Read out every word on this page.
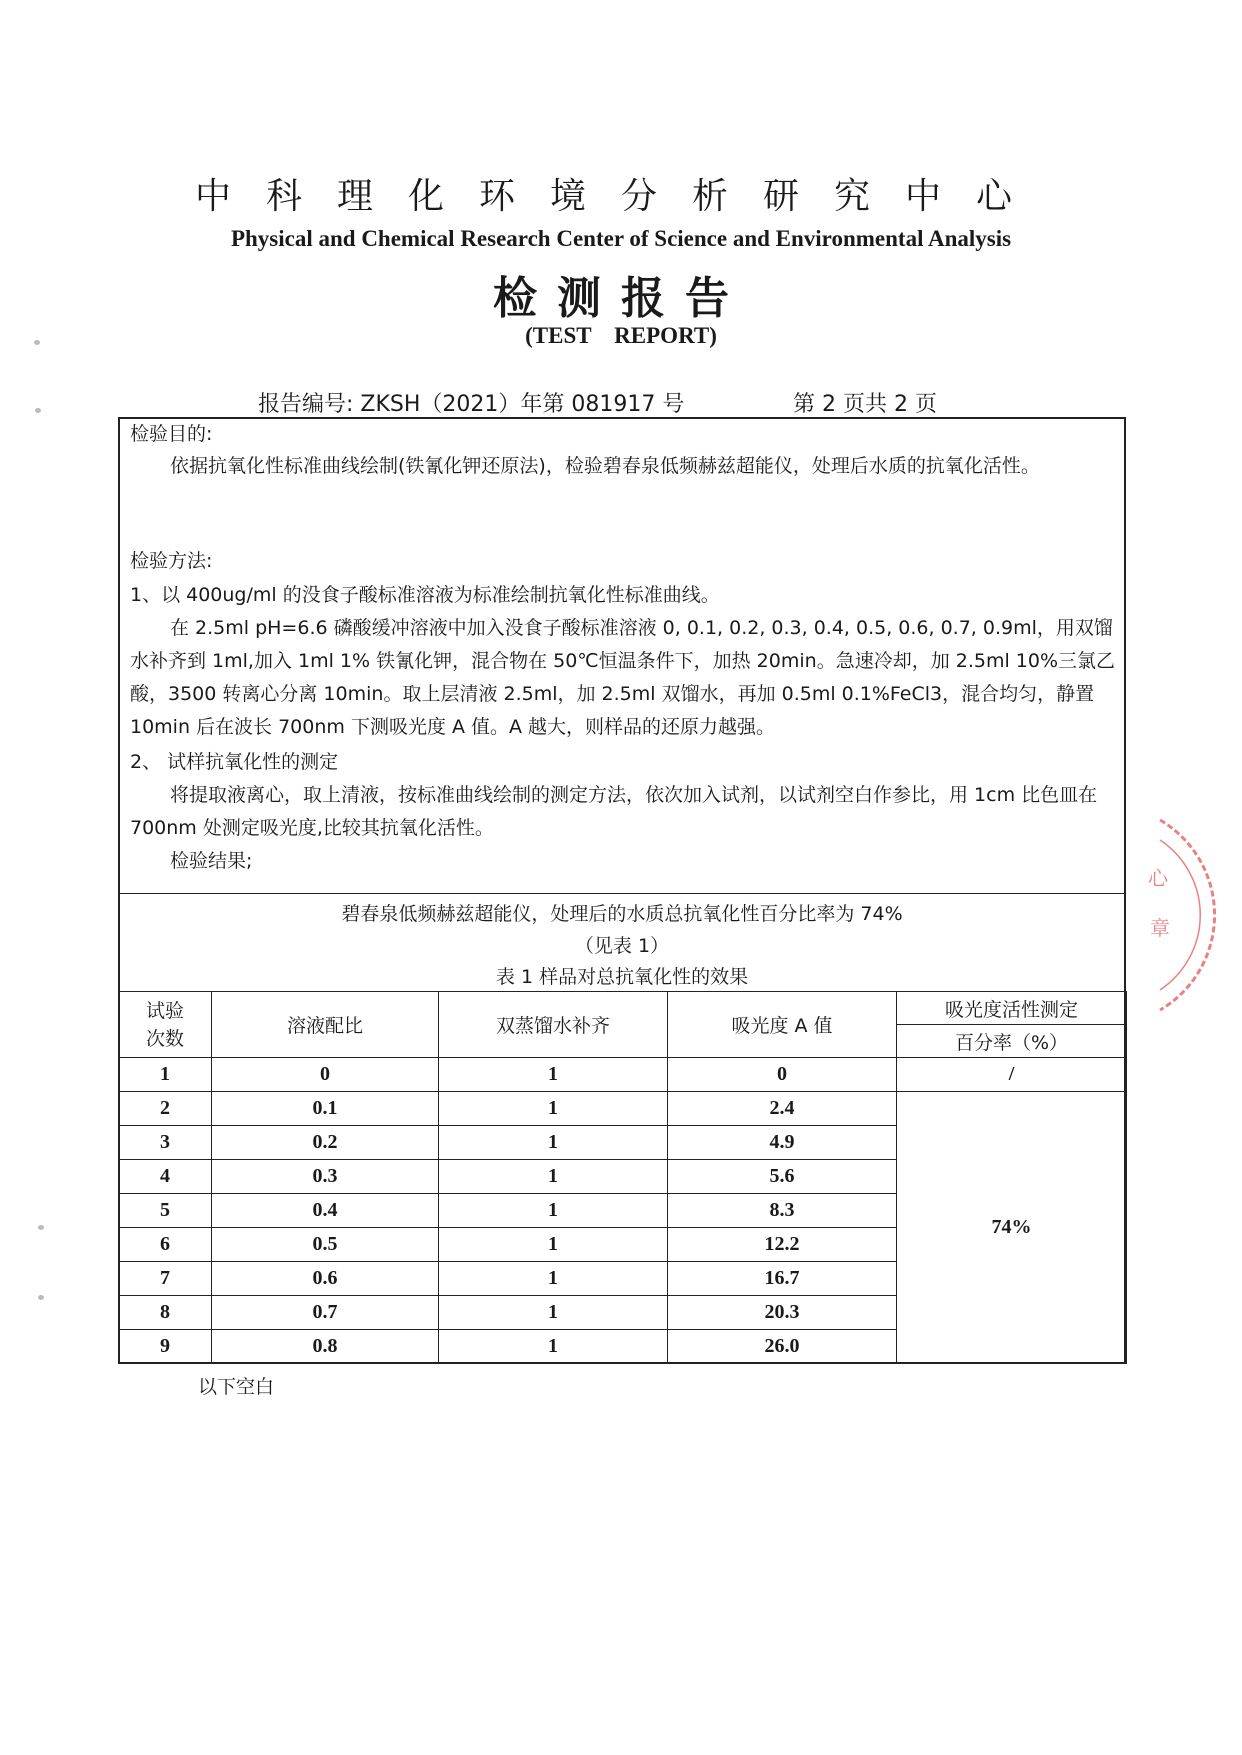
中科理化环境分析研究中心
Physical and Chemical Research Center of Science and Environmental Analysis
检测报告
(TEST    REPORT)
报告编号: ZKSH（2021）年第 081917 号	第 2 页共 2 页

检验目的:

依据抗氧化性标准曲线绘制(铁氰化钾还原法)，检验碧春泉低频赫兹超能仪，处理后水质的抗氧化活性。

检验方法:

1、以 400ug/ml 的没食子酸标准溶液为标准绘制抗氧化性标准曲线。

在 2.5ml pH=6.6 磷酸缓冲溶液中加入没食子酸标准溶液 0, 0.1, 0.2, 0.3, 0.4, 0.5, 0.6, 0.7, 0.9ml，用双馏水补齐到 1ml,加入 1ml 1% 铁氰化钾，混合物在 50℃恒温条件下，加热 20min。急速冷却，加 2.5ml 10%三氯乙酸，3500 转离心分离 10min。取上层清液 2.5ml，加 2.5ml 双馏水，再加 0.5ml 0.1%FeCl3，混合均匀，静置 10min 后在波长 700nm 下测吸光度 A 值。A 越大，则样品的还原力越强。

2、 试样抗氧化性的测定

将提取液离心，取上清液，按标准曲线绘制的测定方法，依次加入试剂，以试剂空白作参比，用 1cm 比色皿在 700nm 处测定吸光度,比较其抗氧化活性。

检验结果;

碧春泉低频赫兹超能仪，处理后的水质总抗氧化性百分比率为 74%
（见表 1）
表 1 样品对总抗氧化性的效果
试验次数	溶液配比	双蒸馏水补齐	吸光度 A 值	吸光度活性测定
				百分率（%）
1	0	1	0	/
2	0.1	1	2.4	74%
3	0.2	1	4.9	
4	0.3	1	5.6	
5	0.4	1	8.3	
6	0.5	1	12.2	
7	0.6	1	16.7	
8	0.7	1	20.3	
9	0.8	1	26.0	
以下空白
心
章
